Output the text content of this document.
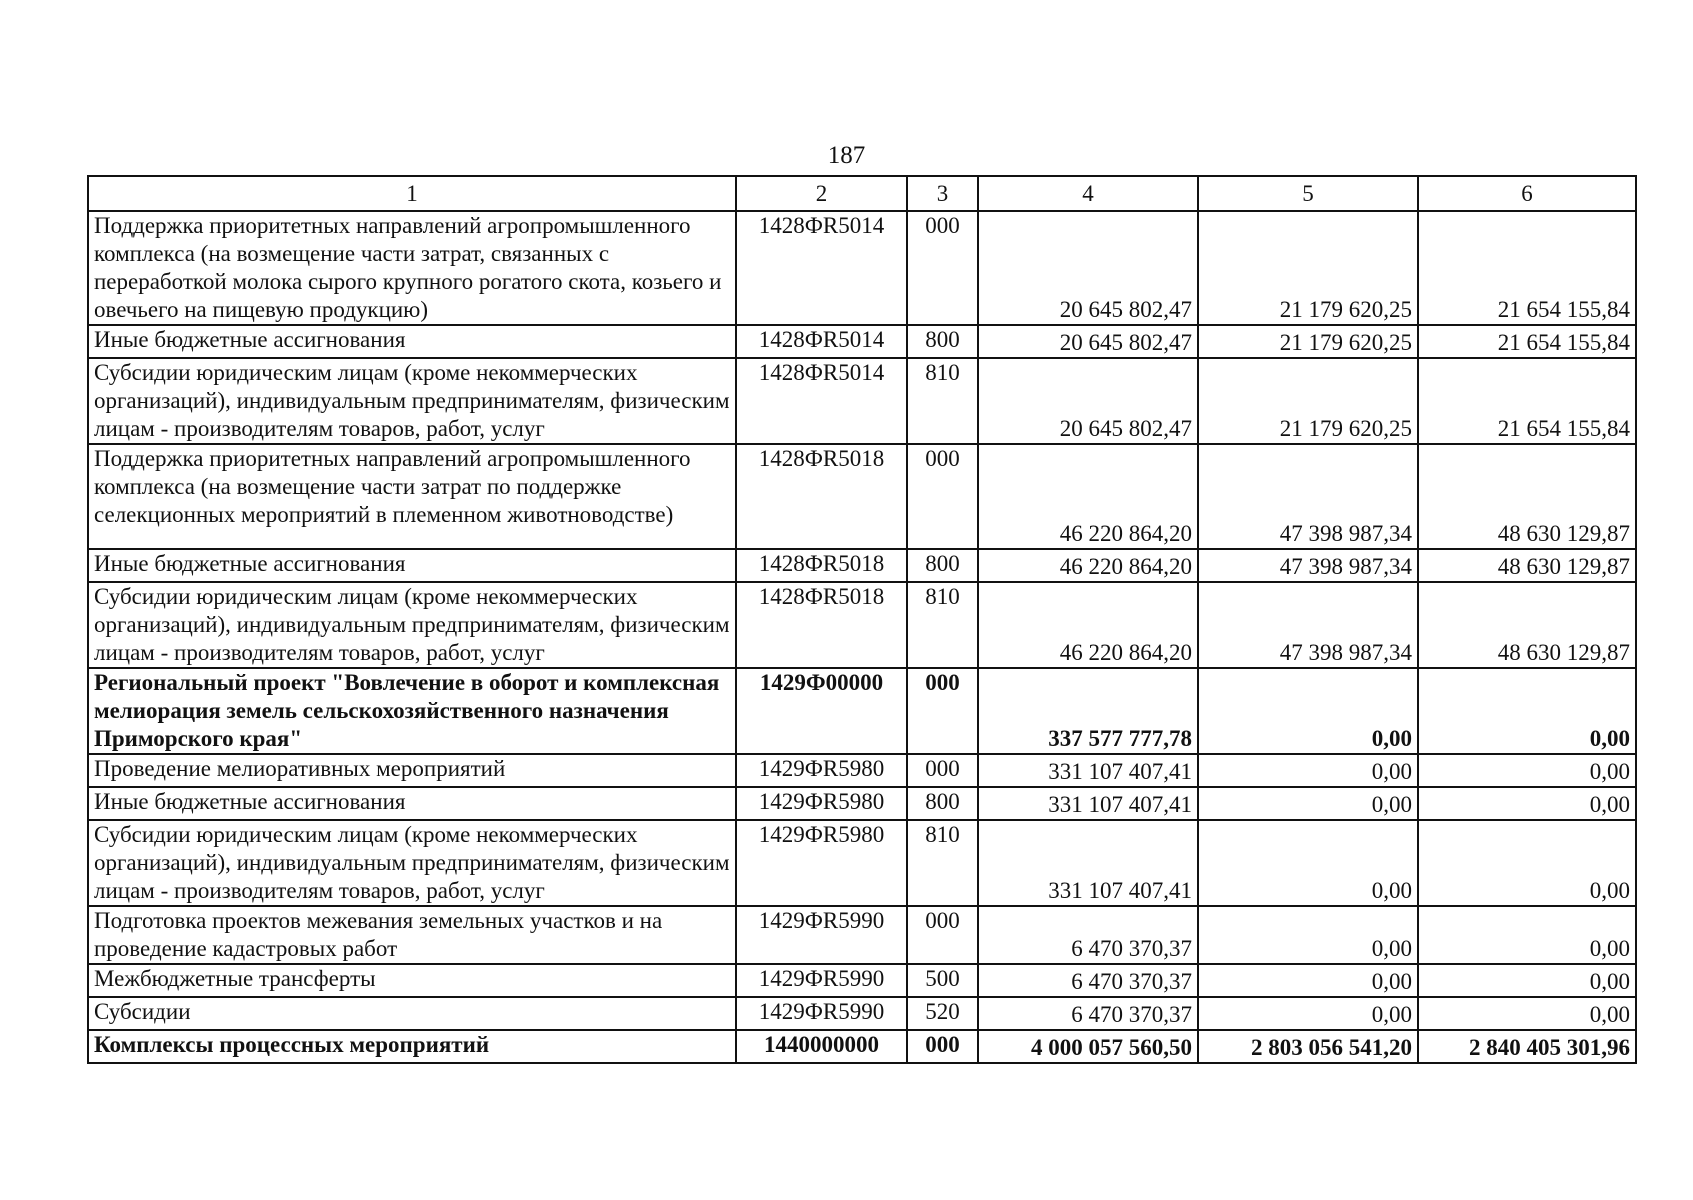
187
1	2	3	4	5	6
Поддержка приоритетных направлений агропромышленного комплекса (на возмещение части затрат, связанных с переработкой молока сырого крупного рогатого скота, козьего и овечьего на пищевую продукцию)	1428ФR5014	000	20 645 802,47	21 179 620,25	21 654 155,84
Иные бюджетные ассигнования	1428ФR5014	800	20 645 802,47	21 179 620,25	21 654 155,84
Субсидии юридическим лицам (кроме некоммерческих организаций), индивидуальным предпринимателям, физическим лицам - производителям товаров, работ, услуг	1428ФR5014	810	20 645 802,47	21 179 620,25	21 654 155,84
Поддержка приоритетных направлений агропромышленного комплекса (на возмещение части затрат по поддержке селекционных мероприятий в племенном животноводстве)	1428ФR5018	000	46 220 864,20	47 398 987,34	48 630 129,87
Иные бюджетные ассигнования	1428ФR5018	800	46 220 864,20	47 398 987,34	48 630 129,87
Субсидии юридическим лицам (кроме некоммерческих организаций), индивидуальным предпринимателям, физическим лицам - производителям товаров, работ, услуг	1428ФR5018	810	46 220 864,20	47 398 987,34	48 630 129,87
Региональный проект "Вовлечение в оборот и комплексная мелиорация земель сельскохозяйственного назначения Приморского края"	1429Ф00000	000	337 577 777,78	0,00	0,00
Проведение мелиоративных мероприятий	1429ФR5980	000	331 107 407,41	0,00	0,00
Иные бюджетные ассигнования	1429ФR5980	800	331 107 407,41	0,00	0,00
Субсидии юридическим лицам (кроме некоммерческих организаций), индивидуальным предпринимателям, физическим лицам - производителям товаров, работ, услуг	1429ФR5980	810	331 107 407,41	0,00	0,00
Подготовка проектов межевания земельных участков и на проведение кадастровых работ	1429ФR5990	000	6 470 370,37	0,00	0,00
Межбюджетные трансферты	1429ФR5990	500	6 470 370,37	0,00	0,00
Субсидии	1429ФR5990	520	6 470 370,37	0,00	0,00
Комплексы процессных мероприятий	1440000000	000	4 000 057 560,50	2 803 056 541,20	2 840 405 301,96
